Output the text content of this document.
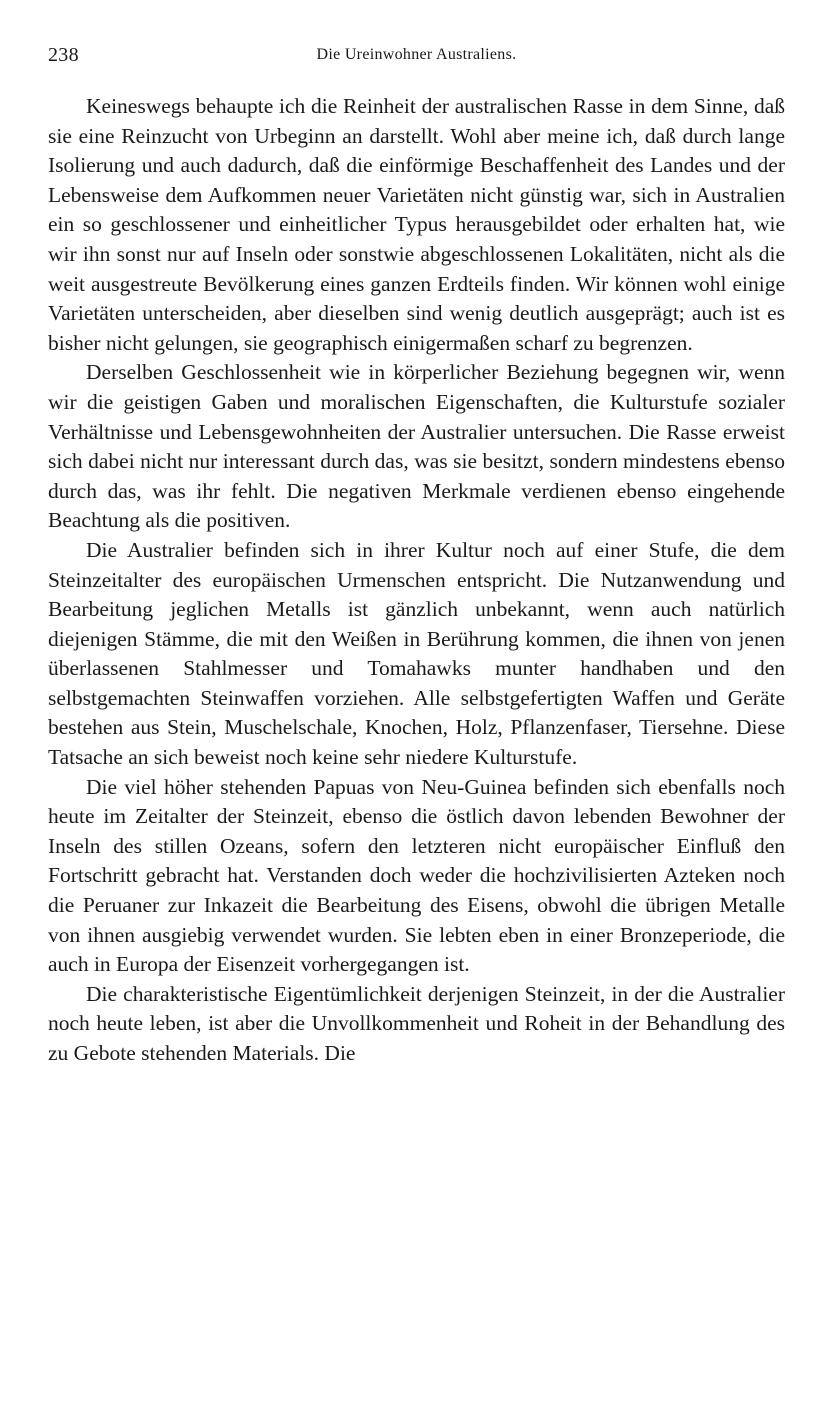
238	Die Ureinwohner Australiens.

Keineswegs behaupte ich die Reinheit der australischen Rasse in dem Sinne, daß sie eine Reinzucht von Urbeginn an darstellt. Wohl aber meine ich, daß durch lange Isolierung und auch dadurch, daß die einförmige Beschaffenheit des Landes und der Lebensweise dem Aufkommen neuer Varietäten nicht günstig war, sich in Australien ein so geschlossener und einheitlicher Typus herausgebildet oder erhalten hat, wie wir ihn sonst nur auf Inseln oder sonstwie abgeschlossenen Lokalitäten, nicht als die weit ausgestreute Bevölkerung eines ganzen Erdteils finden. Wir können wohl einige Varietäten unterscheiden, aber dieselben sind wenig deutlich ausgeprägt; auch ist es bisher nicht gelungen, sie geographisch einigermaßen scharf zu begrenzen.

Derselben Geschlossenheit wie in körperlicher Beziehung begegnen wir, wenn wir die geistigen Gaben und moralischen Eigenschaften, die Kulturstufe sozialer Verhältnisse und Lebensgewohnheiten der Australier untersuchen. Die Rasse erweist sich dabei nicht nur interessant durch das, was sie besitzt, sondern mindestens ebenso durch das, was ihr fehlt. Die negativen Merkmale verdienen ebenso eingehende Beachtung als die positiven.

Die Australier befinden sich in ihrer Kultur noch auf einer Stufe, die dem Steinzeitalter des europäischen Urmenschen entspricht. Die Nutzanwendung und Bearbeitung jeglichen Metalls ist gänzlich unbekannt, wenn auch natürlich diejenigen Stämme, die mit den Weißen in Berührung kommen, die ihnen von jenen überlassenen Stahlmesser und Tomahawks munter handhaben und den selbstgemachten Steinwaffen vorziehen. Alle selbstgefertigten Waffen und Geräte bestehen aus Stein, Muschelschale, Knochen, Holz, Pflanzenfaser, Tiersehne. Diese Tatsache an sich beweist noch keine sehr niedere Kulturstufe.

Die viel höher stehenden Papuas von Neu-Guinea befinden sich ebenfalls noch heute im Zeitalter der Steinzeit, ebenso die östlich davon lebenden Bewohner der Inseln des stillen Ozeans, sofern den letzteren nicht europäischer Einfluß den Fortschritt gebracht hat. Verstanden doch weder die hochzivilisierten Azteken noch die Peruaner zur Inkazeit die Bearbeitung des Eisens, obwohl die übrigen Metalle von ihnen ausgiebig verwendet wurden. Sie lebten eben in einer Bronzeperiode, die auch in Europa der Eisenzeit vorhergegangen ist.

Die charakteristische Eigentümlichkeit derjenigen Steinzeit, in der die Australier noch heute leben, ist aber die Unvollkommenheit und Roheit in der Behandlung des zu Gebote stehenden Materials. Die
